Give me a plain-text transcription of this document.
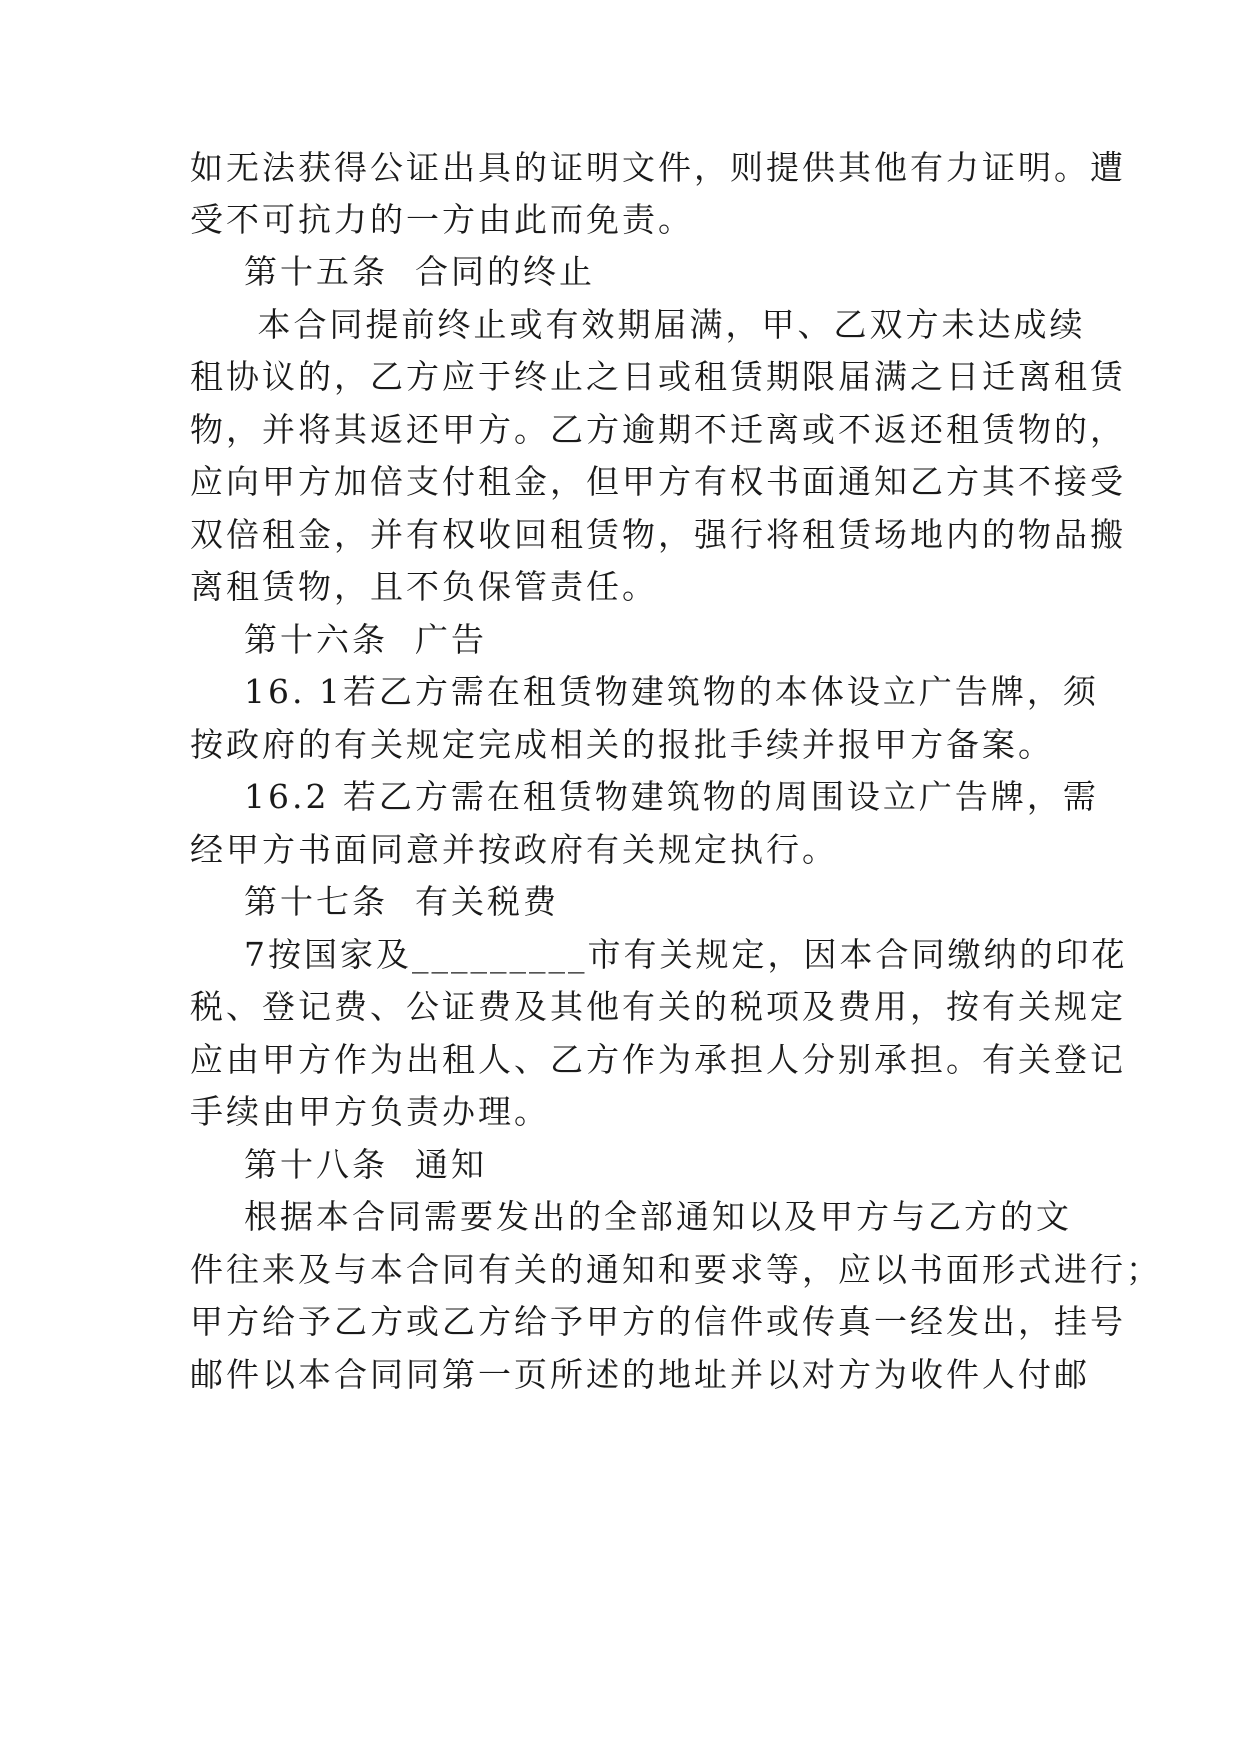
如无法获得公证出具的证明文件，则提供其他有力证明。遭
受不可抗力的一方由此而免责。
第十五条  合同的终止
本合同提前终止或有效期届满，甲、乙双方未达成续
租协议的，乙方应于终止之日或租赁期限届满之日迁离租赁
物，并将其返还甲方。乙方逾期不迁离或不返还租赁物的，
应向甲方加倍支付租金，但甲方有权书面通知乙方其不接受
双倍租金，并有权收回租赁物，强行将租赁场地内的物品搬
离租赁物，且不负保管责任。
第十六条  广告
16. 1若乙方需在租赁物建筑物的本体设立广告牌，须
按政府的有关规定完成相关的报批手续并报甲方备案。
16.2 若乙方需在租赁物建筑物的周围设立广告牌，需
经甲方书面同意并按政府有关规定执行。
第十七条  有关税费
7按国家及_________市有关规定，因本合同缴纳的印花
税、登记费、公证费及其他有关的税项及费用，按有关规定
应由甲方作为出租人、乙方作为承担人分别承担。有关登记
手续由甲方负责办理。
第十八条  通知
根据本合同需要发出的全部通知以及甲方与乙方的文
件往来及与本合同有关的通知和要求等，应以书面形式进行；
甲方给予乙方或乙方给予甲方的信件或传真一经发出，挂号
邮件以本合同同第一页所述的地址并以对方为收件人付邮
